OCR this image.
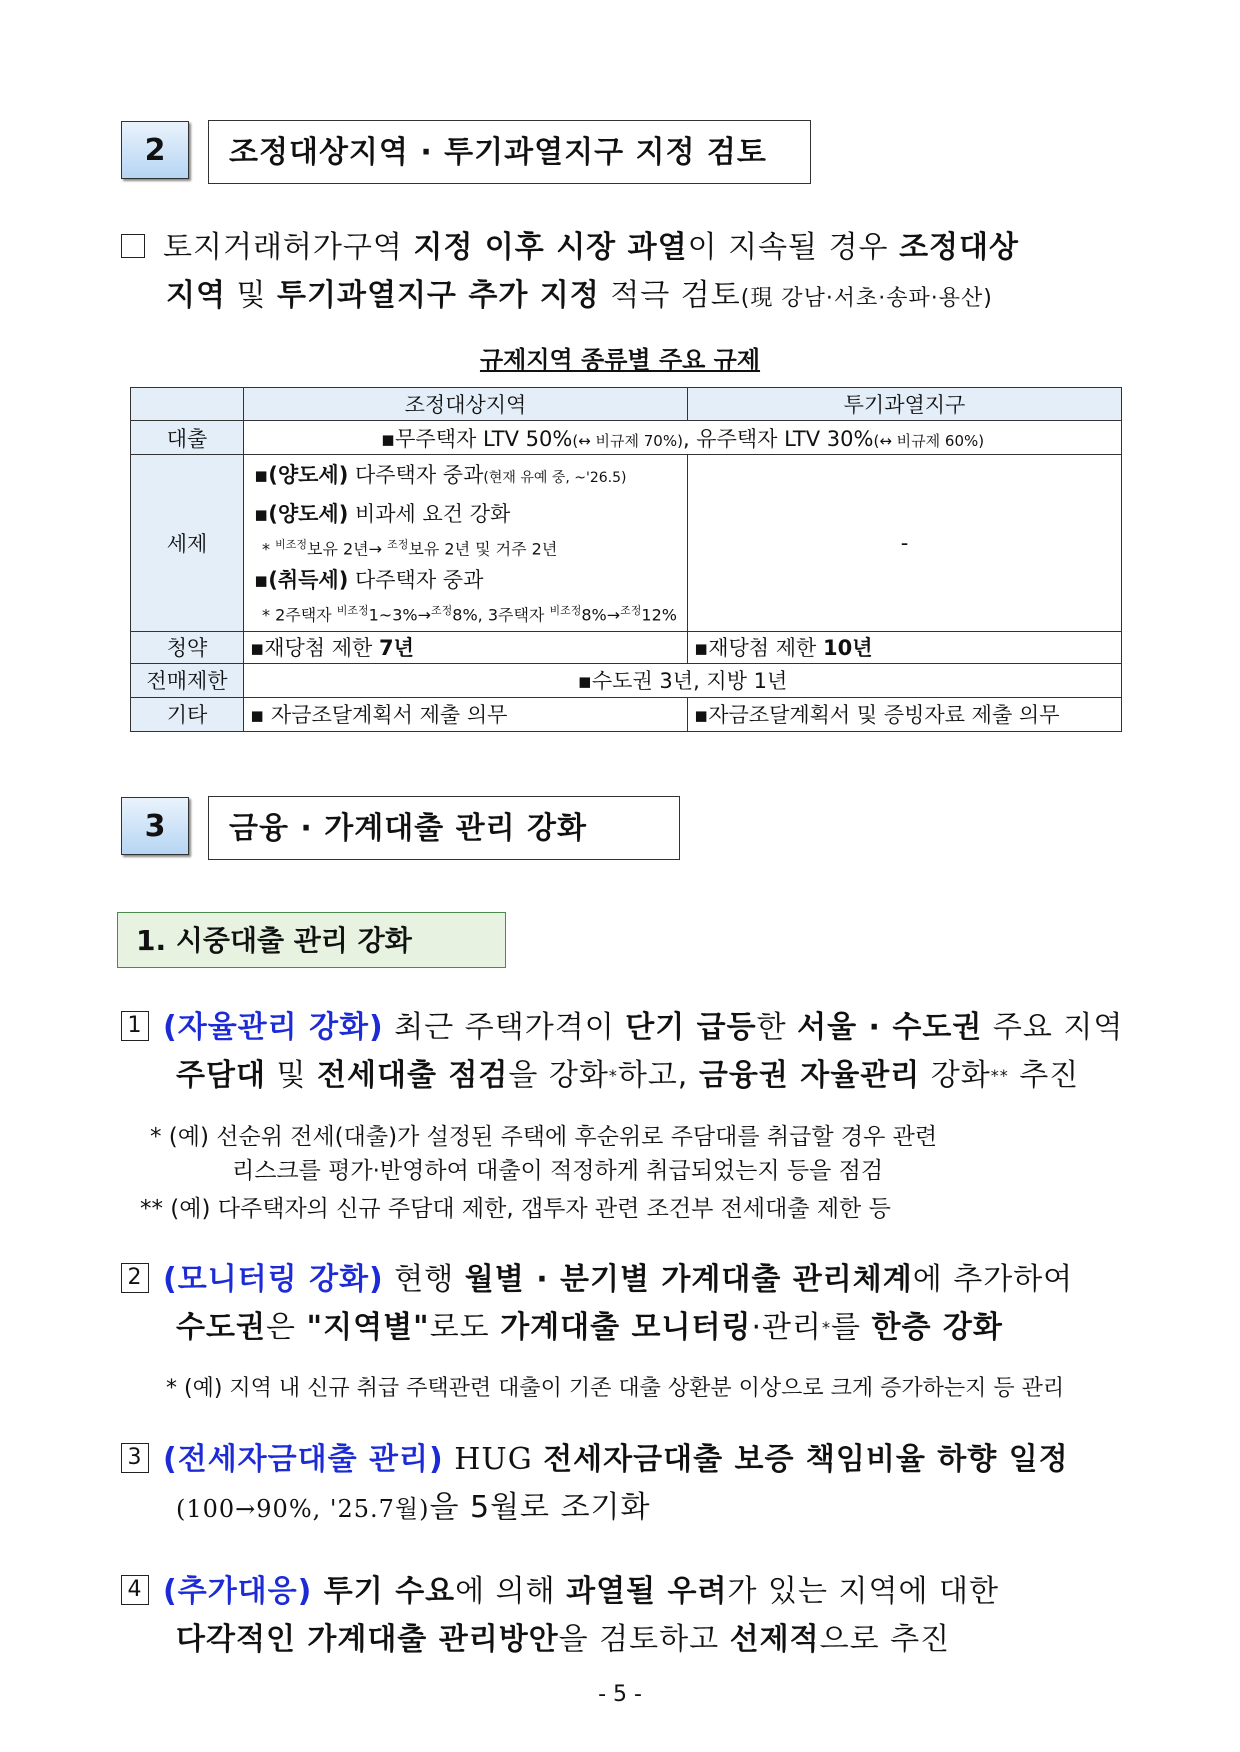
2	조정대상지역 · 투기과열지구 지정 검토
토지거래허가구역 지정 이후 시장 과열이 지속될 경우 조정대상
지역 및 투기과열지구 추가 지정 적극 검토(現 강남·서초·송파·용산)
규제지역 종류별 주요 규제
	조정대상지역	투기과열지구
대출	▪무주택자 LTV 50%(↔ 비규제 70%), 유주택자 LTV 30%(↔ 비규제 60%)	
세제	▪(양도세) 다주택자 중과(현재 유예 중, ~'26.5)
▪(양도세) 비과세 요건 강화
* $^{비조정}$보유 2년→ $^{조정}$보유 2년 및 거주 2년
▪(취득세) 다주택자 중과
* 2주택자 $^{비조정}$1~3%→$^{조정}$8%, 3주택자 $^{비조정}$8%→$^{조정}$12%	-
청약	▪재당첨 제한 7년	▪재당첨 제한 10년
전매제한	▪수도권 3년, 지방 1년	
기타	▪ 자금조달계획서 제출 의무	▪자금조달계획서 및 증빙자료 제출 의무
3	금융 · 가계대출 관리 강화
1. 시중대출 관리 강화
1 (자율관리 강화) 최근 주택가격이 단기 급등한 서울 · 수도권 주요 지역
주담대 및 전세대출 점검을 강화*하고, 금융권 자율관리 강화** 추진
* (예) 선순위 전세(대출)가 설정된 주택에 후순위로 주담대를 취급할 경우 관련
리스크를 평가·반영하여 대출이 적정하게 취급되었는지 등을 점검
** (예) 다주택자의 신규 주담대 제한, 갭투자 관련 조건부 전세대출 제한 등
2 (모니터링 강화) 현행 월별 · 분기별 가계대출 관리체계에 추가하여
수도권은 "지역별"로도 가계대출 모니터링·관리*를 한층 강화
* (예) 지역 내 신규 취급 주택관련 대출이 기존 대출 상환분 이상으로 크게 증가하는지 등 관리
3 (전세자금대출 관리) HUG 전세자금대출 보증 책임비율 하향 일정
(100→90%, '25.7월)을 5월로 조기화
4 (추가대응) 투기 수요에 의해 과열될 우려가 있는 지역에 대한
다각적인 가계대출 관리방안을 검토하고 선제적으로 추진
- 5 -
